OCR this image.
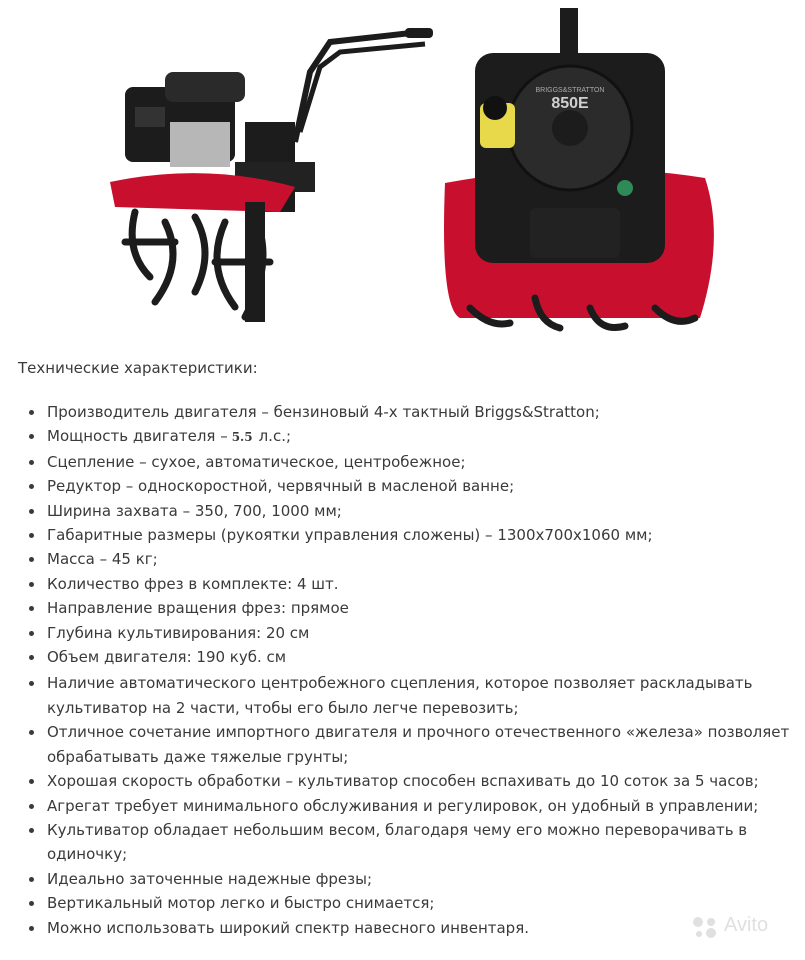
850E
BRIGGS&STRATTON
Технические характеристики:
Производитель двигателя – бензиновый 4-х тактный Briggs&Stratton;
Мощность двигателя – 5.5 л.с.;
Сцепление – сухое, автоматическое, центробежное;
Редуктор – односкоростной, червячный в масленой ванне;
Ширина захвата – 350, 700, 1000 мм;
Габаритные размеры (рукоятки управления сложены) – 1300х700х1060 мм;
Масса – 45 кг;
Количество фрез в комплекте: 4 шт.
Направление вращения фрез: прямое
Глубина культивирования: 20 см
Объем двигателя: 190 куб. см
Наличие автоматического центробежного сцепления, которое позволяет раскладывать культиватор на 2 части, чтобы его было легче перевозить;
Отличное сочетание импортного двигателя и прочного отечественного «железа» позволяет обрабатывать даже тяжелые грунты;
Хорошая скорость обработки – культиватор способен вспахивать до 10 соток за 5 часов;
Агрегат требует минимального обслуживания и регулировок, он удобный в управлении;
Культиватор обладает небольшим весом, благодаря чему его можно переворачивать в одиночку;
Идеально заточенные надежные фрезы;
Вертикальный мотор легко и быстро снимается;
Можно использовать широкий спектр навесного инвентаря.	Avito
